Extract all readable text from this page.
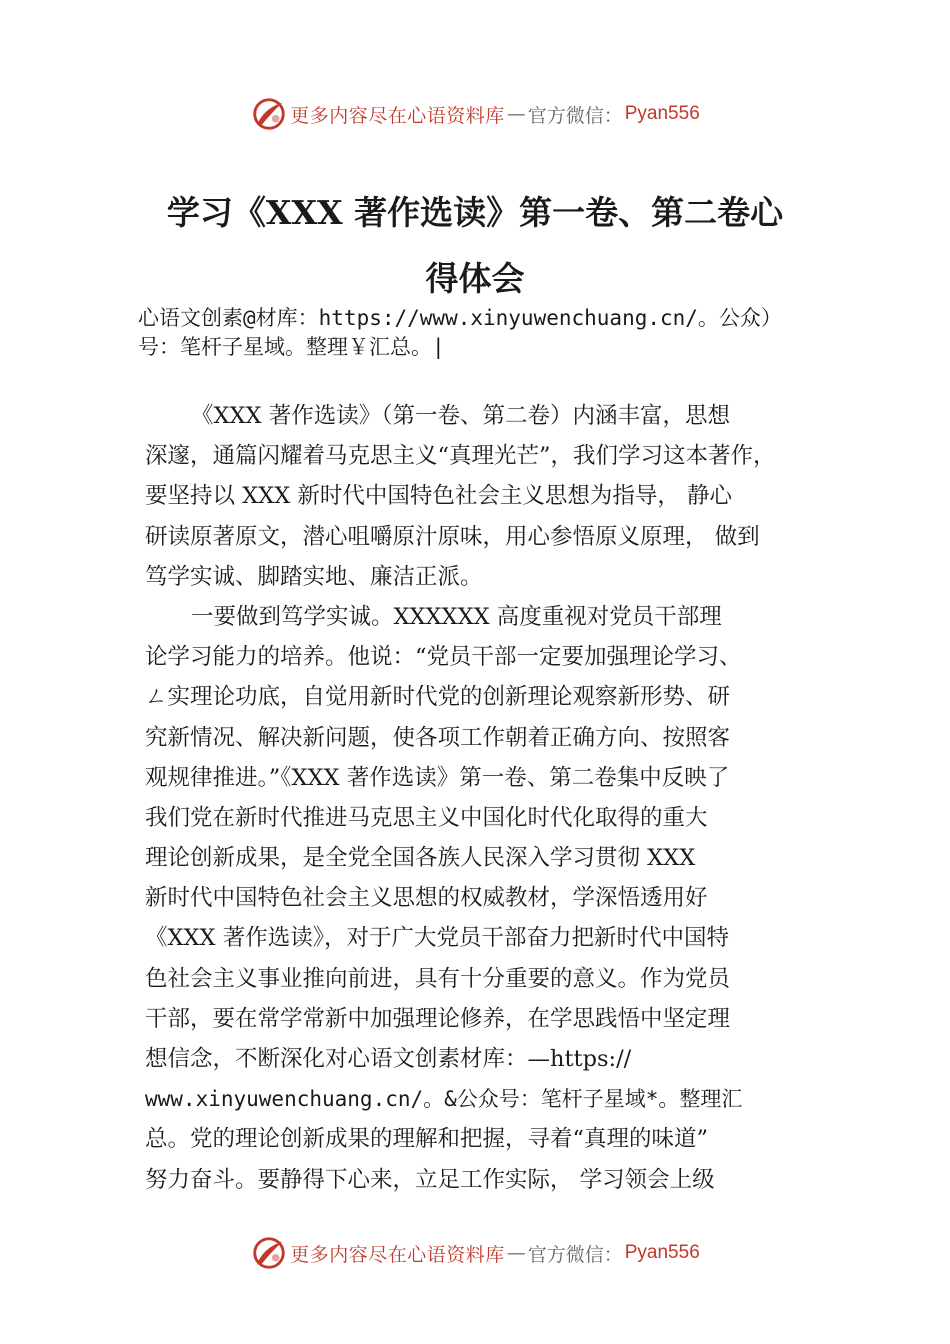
更多内容尽在心语资料库 — 官方微信： Pyan556
学习《XXX 著作选读》第一卷、第二卷心
得体会
心语文创素@材库：https://www.xinyuwenchuang.cn/。公众）
号：笔杆子星域。整理￥汇总。|
《XXX 著作选读》（第一卷、第二卷）内涵丰富，思想
深邃，通篇闪耀着马克思主义“真理光芒”，我们学习这本著作，
要坚持以 XXX 新时代中国特色社会主义思想为指导， 静心
研读原著原文，潜心咀嚼原汁原味，用心参悟原义原理， 做到
笃学实诚、脚踏实地、廉洁正派。
一要做到笃学实诚。XXXXXX 高度重视对党员干部理
论学习能力的培养。他说：“党员干部一定要加强理论学习、
ㄥ实理论功底，自觉用新时代党的创新理论观察新形势、研
究新情况、解决新问题，使各项工作朝着正确方向、按照客
观规律推进。”《XXX 著作选读》第一卷、第二卷集中反映了
我们党在新时代推进马克思主义中国化时代化取得的重大
理论创新成果，是全党全国各族人民深入学习贯彻 XXX
新时代中国特色社会主义思想的权威教材，学深悟透用好
《XXX 著作选读》，对于广大党员干部奋力把新时代中国特
色社会主义事业推向前进，具有十分重要的意义。作为党员
干部，要在常学常新中加强理论修养，在学思践悟中坚定理
想信念，不断深化对心语文创素材库：—https://
www.xinyuwenchuang.cn/。&公众号：笔杆子星域*。整理汇
总。党的理论创新成果的理解和把握，寻着“真理的味道”
努力奋斗。要静得下心来，立足工作实际， 学习领会上级
更多内容尽在心语资料库 — 官方微信： Pyan556
